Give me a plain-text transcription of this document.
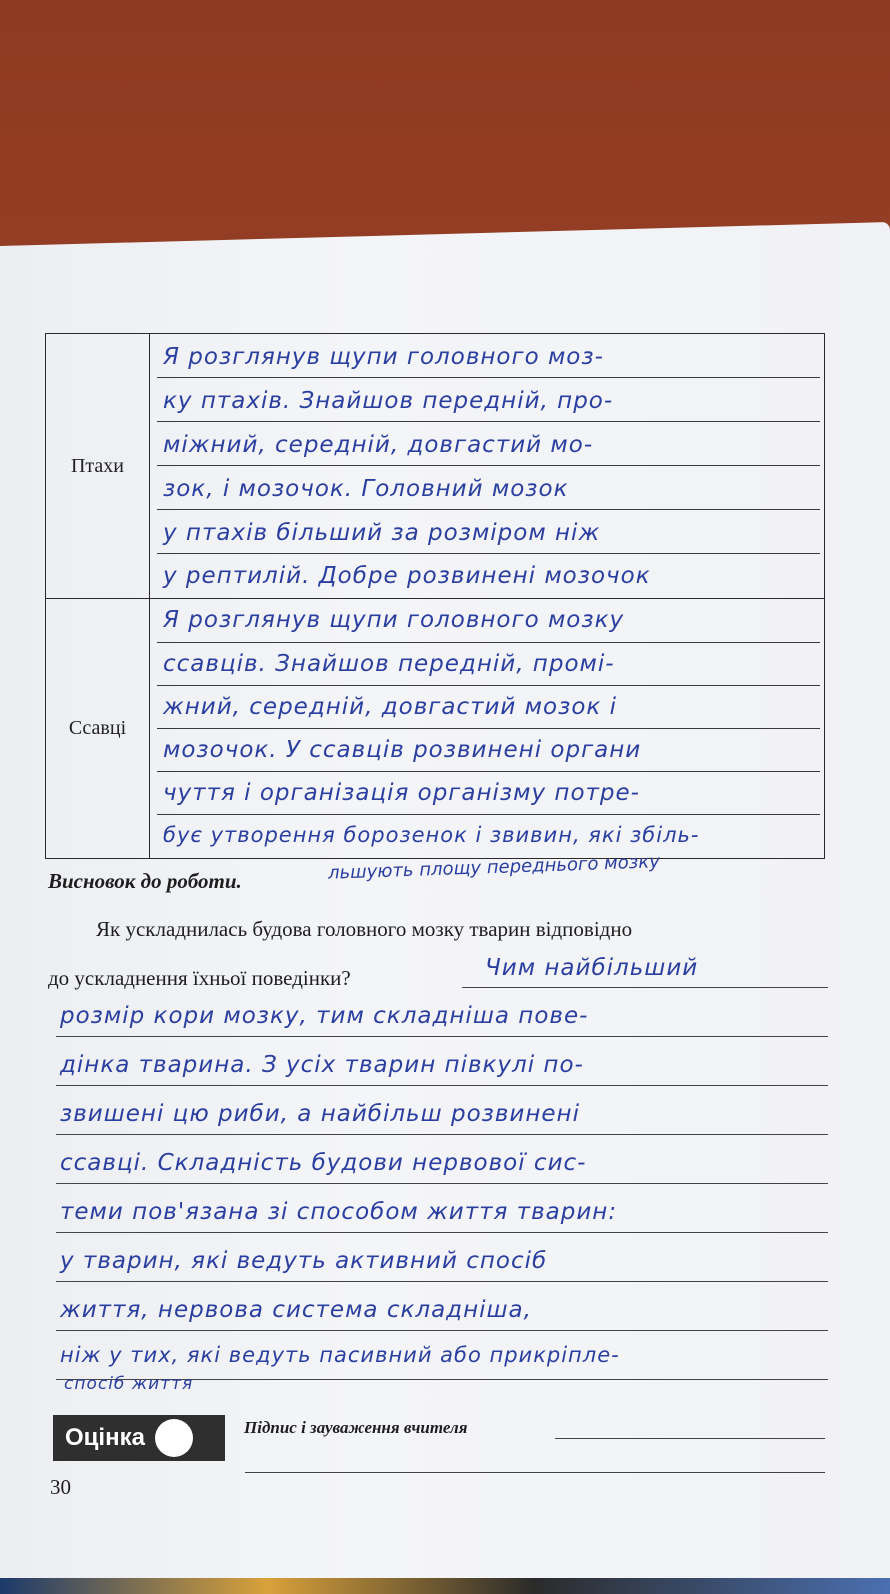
Птахи
Я розглянув щупи головного моз-
ку птахів. Знайшов передній, про-
міжний, середній, довгастий мо-
зок, і мозочок. Головний мозок
у птахів більший за розміром ніж
у рептилій. Добре розвинені мозочок
Ссавці
Я розглянув щупи головного мозку
ссавців. Знайшов передній, промі-
жний, середній, довгастий мозок і
мозочок. У ссавців розвинені органи
чуття і організація організму потре-
бує утворення борозенок і звивин, які збіль-
льшують площу переднього мозку
Висновок до роботи.
Як ускладнилась будова головного мозку тварин відповідно
до ускладнення їхньої поведінки?	Чим найбільший
розмір кори мозку, тим складніша пове-
дінка тварина. З усіх тварин півкулі по-
звишені цю риби, а найбільш розвинені
ссавці. Складність будови нервової сис-
теми пов'язана зі способом життя тварин:
у тварин, які ведуть активний спосіб
життя, нервова система складніша,
ніж у тих, які ведуть пасивний або прикріпле-
спосіб життя
Оцінка	Підпис і зауваження вчителя
30
